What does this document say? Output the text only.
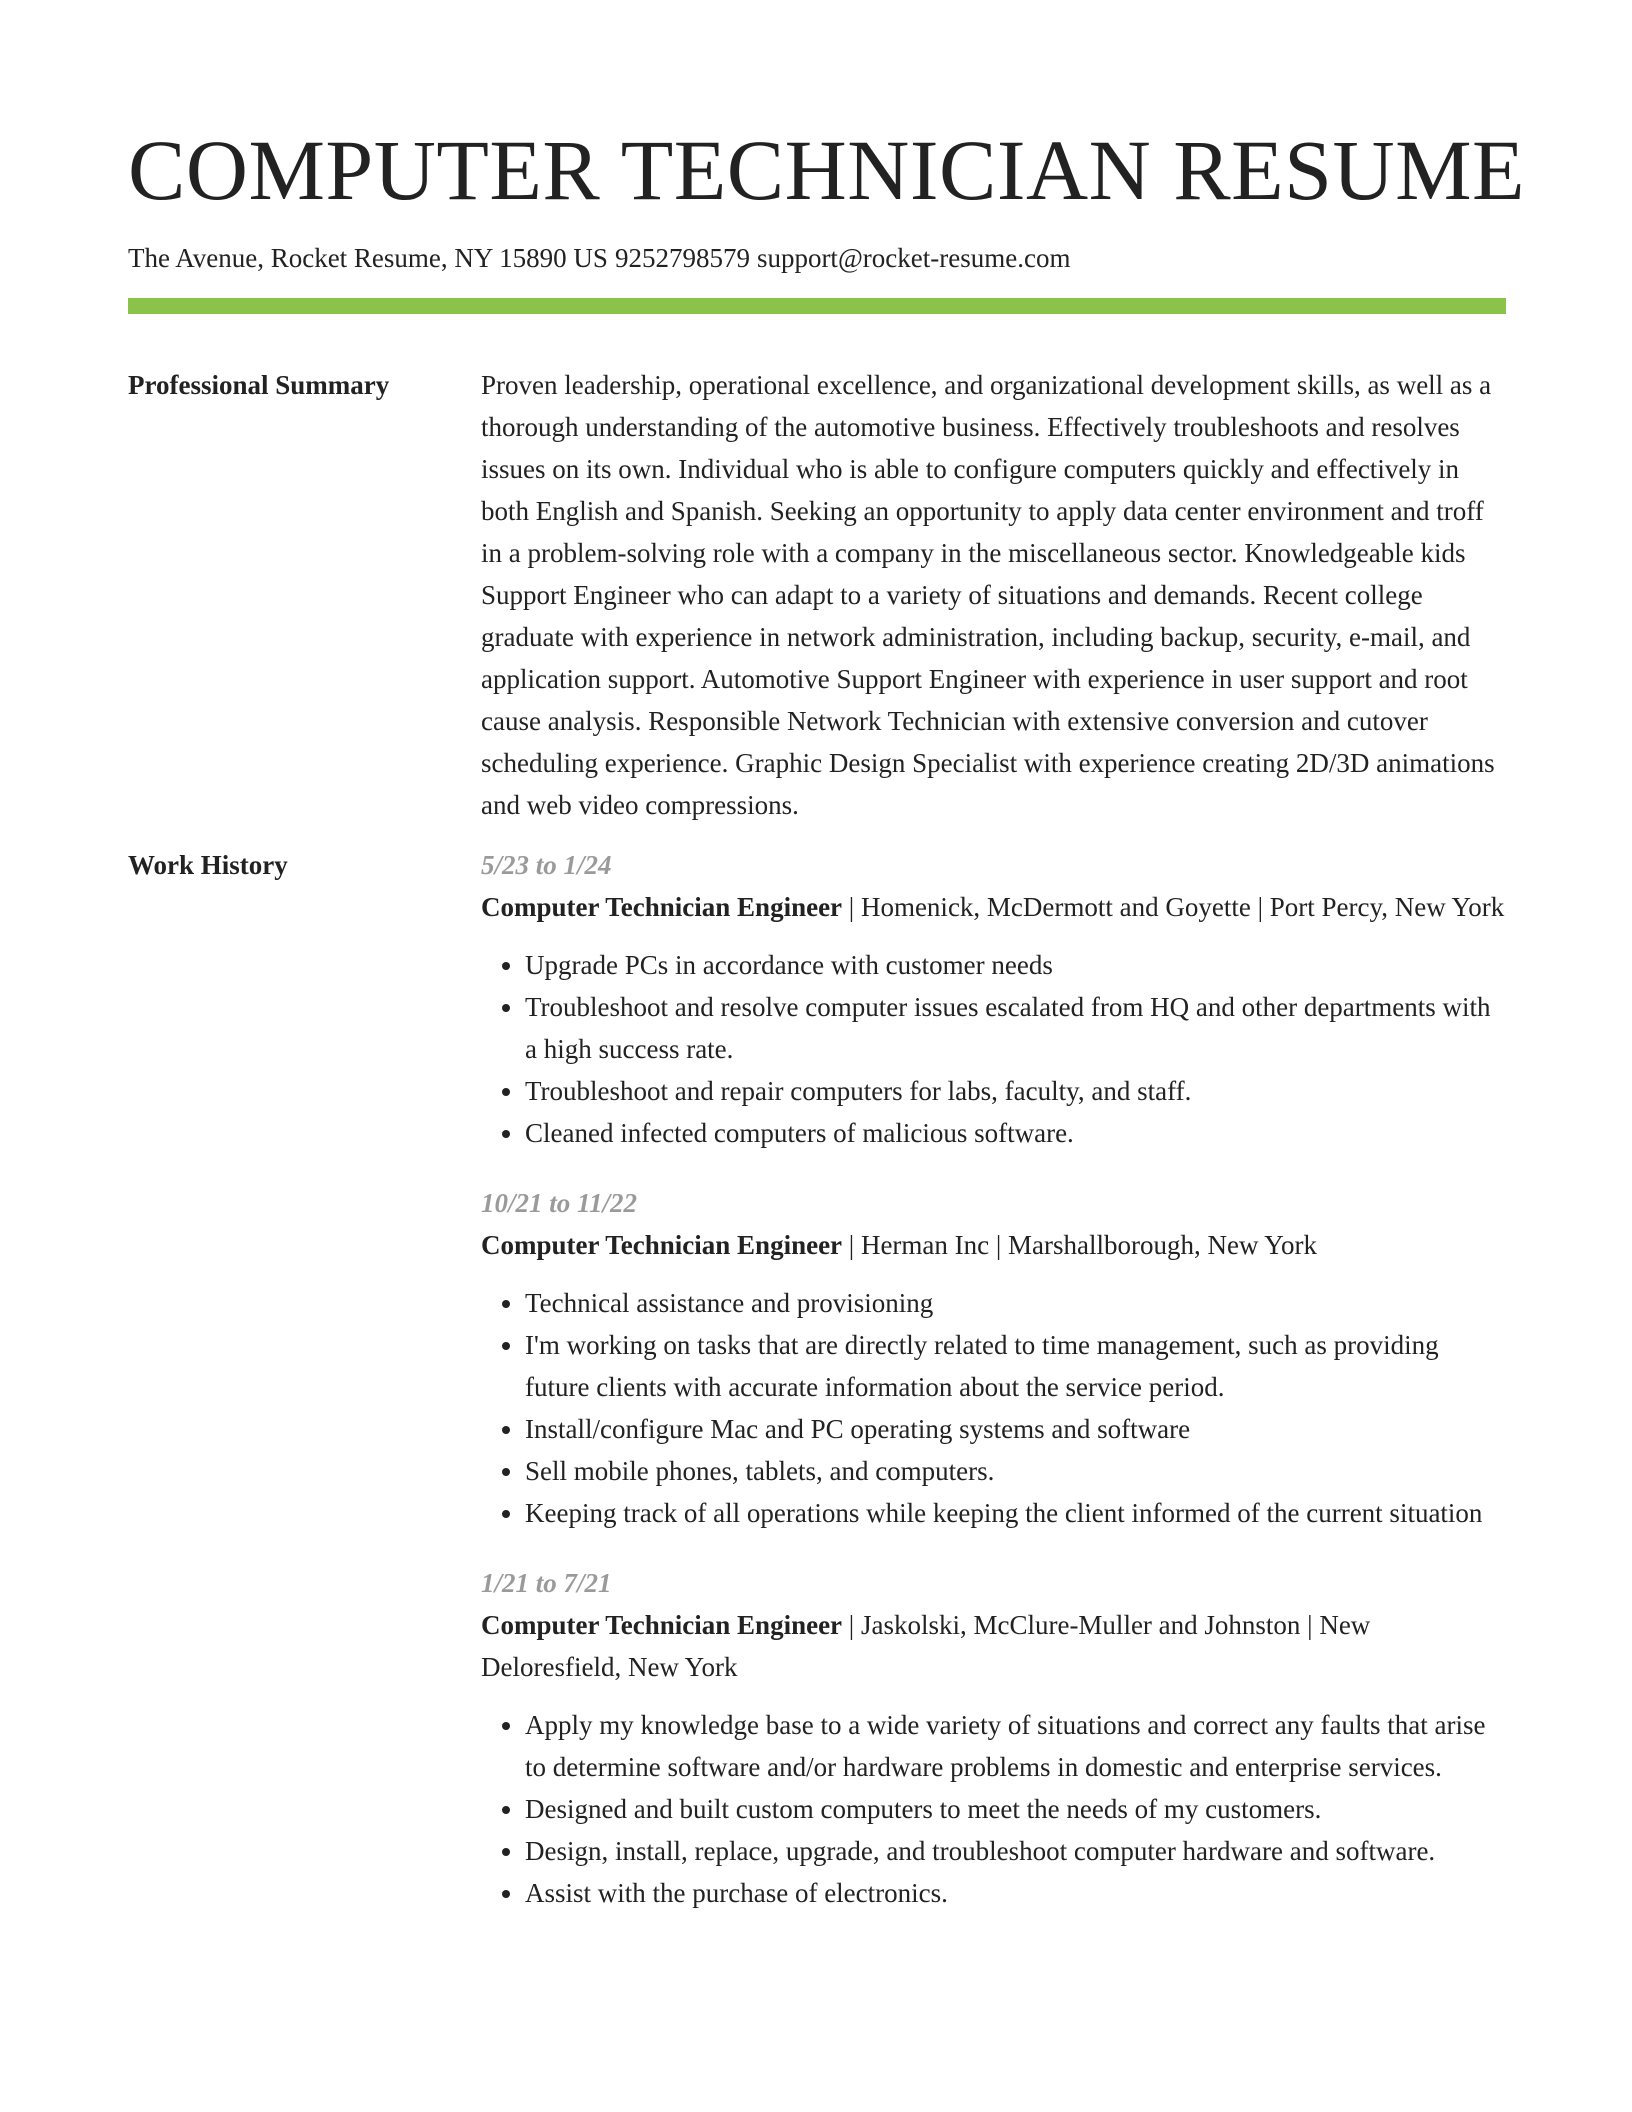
COMPUTER TECHNICIAN RESUME
The Avenue, Rocket Resume, NY 15890 US 9252798579 support@rocket-resume.com
Professional Summary	Proven leadership, operational excellence, and organizational development skills, as well as a thorough understanding of the automotive business. Effectively troubleshoots and resolves issues on its own. Individual who is able to configure computers quickly and effectively in both English and Spanish. Seeking an opportunity to apply data center environment and troff in a problem-solving role with a company in the miscellaneous sector. Knowledgeable kids Support Engineer who can adapt to a variety of situations and demands. Recent college graduate with experience in network administration, including backup, security, e-mail, and application support. Automotive Support Engineer with experience in user support and root cause analysis. Responsible Network Technician with extensive conversion and cutover scheduling experience. Graphic Design Specialist with experience creating 2D/3D animations and web video compressions.
Work History	5/23 to 1/24
Computer Technician Engineer | Homenick, McDermott and Goyette | Port Percy, New York
• Upgrade PCs in accordance with customer needs
• Troubleshoot and resolve computer issues escalated from HQ and other departments with a high success rate.
• Troubleshoot and repair computers for labs, faculty, and staff.
• Cleaned infected computers of malicious software.
10/21 to 11/22
Computer Technician Engineer | Herman Inc | Marshallborough, New York
• Technical assistance and provisioning
• I'm working on tasks that are directly related to time management, such as providing future clients with accurate information about the service period.
• Install/configure Mac and PC operating systems and software
• Sell mobile phones, tablets, and computers.
• Keeping track of all operations while keeping the client informed of the current situation
1/21 to 7/21
Computer Technician Engineer | Jaskolski, McClure-Muller and Johnston | New Deloresfield, New York
• Apply my knowledge base to a wide variety of situations and correct any faults that arise to determine software and/or hardware problems in domestic and enterprise services.
• Designed and built custom computers to meet the needs of my customers.
• Design, install, replace, upgrade, and troubleshoot computer hardware and software.
• Assist with the purchase of electronics.
